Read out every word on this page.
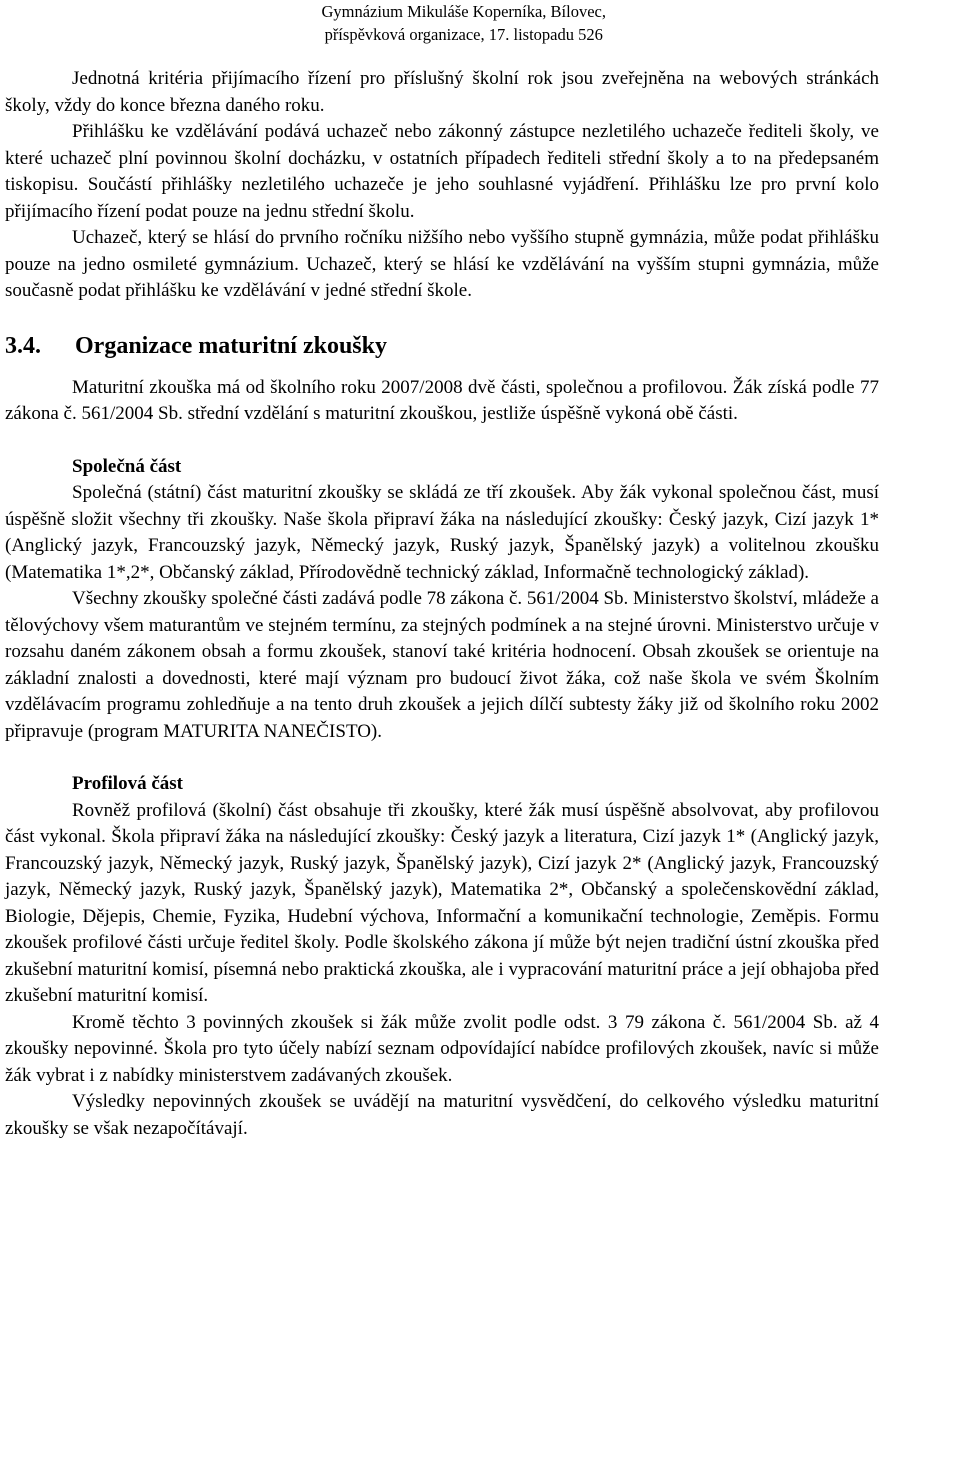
Gymnázium Mikuláše Koperníka, Bílovec,
příspěvková organizace, 17. listopadu 526

Jednotná kritéria přijímacího řízení pro příslušný školní rok jsou zveřejněna na webových stránkách školy, vždy do konce března daného roku.

Přihlášku ke vzdělávání podává uchazeč nebo zákonný zástupce nezletilého uchazeče řediteli školy, ve které uchazeč plní povinnou školní docházku, v ostatních případech řediteli střední školy a to na předepsaném tiskopisu. Součástí přihlášky nezletilého uchazeče je jeho souhlasné vyjádření. Přihlášku lze pro první kolo přijímacího řízení podat pouze na jednu střední školu.

Uchazeč, který se hlásí do prvního ročníku nižšího nebo vyššího stupně gymnázia, může podat přihlášku pouze na jedno osmileté gymnázium. Uchazeč, který se hlásí ke vzdělávání na vyšším stupni gymnázia, může současně podat přihlášku ke vzdělávání v jedné střední škole.

3.4.	Organizace maturitní zkoušky

Maturitní zkouška má od školního roku 2007/2008 dvě části, společnou a profilovou. Žák získá podle 77 zákona č. 561/2004 Sb. střední vzdělání s maturitní zkouškou, jestliže úspěšně vykoná obě části.

Společná část

Společná (státní) část maturitní zkoušky se skládá ze tří zkoušek. Aby žák vykonal společnou část, musí úspěšně složit všechny tři zkoušky. Naše škola připraví žáka na následující zkoušky: Český jazyk, Cizí jazyk 1* (Anglický jazyk, Francouzský jazyk, Německý jazyk, Ruský jazyk, Španělský jazyk) a volitelnou zkoušku (Matematika 1*,2*, Občanský základ, Přírodovědně technický základ, Informačně technologický základ).

Všechny zkoušky společné části zadává podle 78 zákona č. 561/2004 Sb. Ministerstvo školství, mládeže a tělovýchovy všem maturantům ve stejném termínu, za stejných podmínek a na stejné úrovni. Ministerstvo určuje v rozsahu daném zákonem obsah a formu zkoušek, stanoví také kritéria hodnocení. Obsah zkoušek se orientuje na základní znalosti a dovednosti, které mají význam pro budoucí život žáka, což naše škola ve svém Školním vzdělávacím programu zohledňuje a na tento druh zkoušek a jejich dílčí subtesty žáky již od školního roku 2002 připravuje (program MATURITA NANEČISTO).

Profilová část

Rovněž profilová (školní) část obsahuje tři zkoušky, které žák musí úspěšně absolvovat, aby profilovou část vykonal. Škola připraví žáka na následující zkoušky: Český jazyk a literatura, Cizí jazyk 1* (Anglický jazyk, Francouzský jazyk, Německý jazyk, Ruský jazyk, Španělský jazyk), Cizí jazyk 2* (Anglický jazyk, Francouzský jazyk, Německý jazyk, Ruský jazyk, Španělský jazyk), Matematika 2*, Občanský a společenskovědní základ, Biologie, Dějepis, Chemie, Fyzika, Hudební výchova, Informační a komunikační technologie, Zeměpis. Formu zkoušek profilové části určuje ředitel školy. Podle školského zákona jí může být nejen tradiční ústní zkouška před zkušební maturitní komisí, písemná nebo praktická zkouška, ale i vypracování maturitní práce a její obhajoba před zkušební maturitní komisí.

Kromě těchto 3 povinných zkoušek si žák může zvolit podle odst. 3 79 zákona č. 561/2004 Sb. až 4 zkoušky nepovinné. Škola pro tyto účely nabízí seznam odpovídající nabídce profilových zkoušek, navíc si může žák vybrat i z nabídky ministerstvem zadávaných zkoušek.

Výsledky nepovinných zkoušek se uvádějí na maturitní vysvědčení, do celkového výsledku maturitní zkoušky se však nezapočítávají.
